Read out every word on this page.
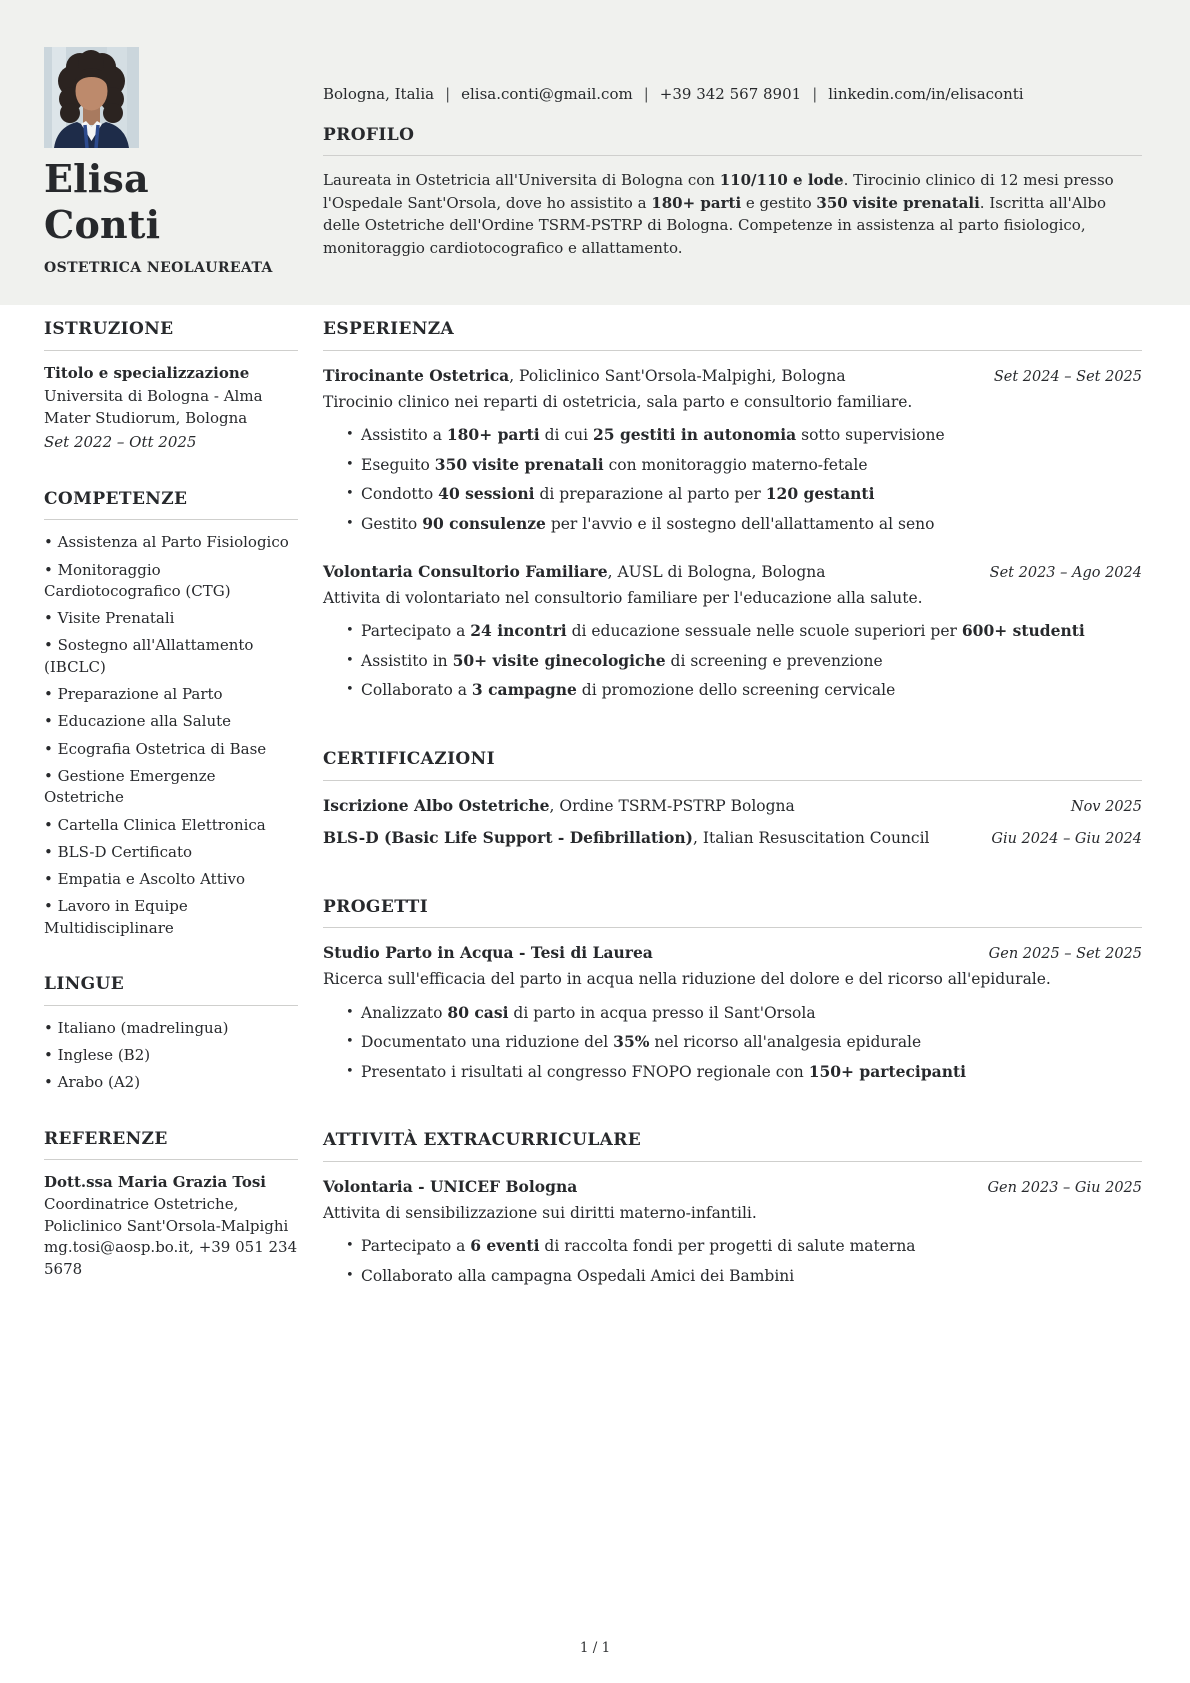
Elisa
Conti
OSTETRICA NEOLAUREATA
Bologna, Italia | elisa.conti@gmail.com | +39 342 567 8901 | linkedin.com/in/elisaconti
PROFILO

Laureata in Ostetricia all'Universita di Bologna con 110/110 e lode. Tirocinio clinico di 12 mesi presso l'Ospedale Sant'Orsola, dove ho assistito a 180+ parti e gestito 350 visite prenatali. Iscritta all'Albo delle Ostetriche dell'Ordine TSRM-PSTRP di Bologna. Competenze in assistenza al parto fisiologico, monitoraggio cardiotocografico e allattamento.

ISTRUZIONE
Titolo e specializzazione
Universita di Bologna - Alma Mater Studiorum, Bologna
Set 2022 – Ott 2025
COMPETENZE
• Assistenza al Parto Fisiologico
• Monitoraggio Cardiotocografico (CTG)
• Visite Prenatali
• Sostegno all'Allattamento (IBCLC)
• Preparazione al Parto
• Educazione alla Salute
• Ecografia Ostetrica di Base
• Gestione Emergenze Ostetriche
• Cartella Clinica Elettronica
• BLS-D Certificato
• Empatia e Ascolto Attivo
• Lavoro in Equipe Multidisciplinare
LINGUE
• Italiano (madrelingua)
• Inglese (B2)
• Arabo (A2)
REFERENZE
Dott.ssa Maria Grazia Tosi
Coordinatrice Ostetriche, Policlinico Sant'Orsola-Malpighi
mg.tosi@aosp.bo.it, +39 051 234 5678
ESPERIENZA
Tirocinante Ostetrica, Policlinico Sant'Orsola-Malpighi, Bologna	Set 2024 – Set 2025

Tirocinio clinico nei reparti di ostetricia, sala parto e consultorio familiare.

• Assistito a 180+ parti di cui 25 gestiti in autonomia sotto supervisione
• Eseguito 350 visite prenatali con monitoraggio materno-fetale
• Condotto 40 sessioni di preparazione al parto per 120 gestanti
• Gestito 90 consulenze per l'avvio e il sostegno dell'allattamento al seno
Volontaria Consultorio Familiare, AUSL di Bologna, Bologna	Set 2023 – Ago 2024

Attivita di volontariato nel consultorio familiare per l'educazione alla salute.

• Partecipato a 24 incontri di educazione sessuale nelle scuole superiori per 600+ studenti
• Assistito in 50+ visite ginecologiche di screening e prevenzione
• Collaborato a 3 campagne di promozione dello screening cervicale
CERTIFICAZIONI
Iscrizione Albo Ostetriche, Ordine TSRM-PSTRP Bologna	Nov 2025
BLS-D (Basic Life Support - Defibrillation), Italian Resuscitation Council	Giu 2024 – Giu 2024
PROGETTI
Studio Parto in Acqua - Tesi di Laurea	Gen 2025 – Set 2025

Ricerca sull'efficacia del parto in acqua nella riduzione del dolore e del ricorso all'epidurale.

• Analizzato 80 casi di parto in acqua presso il Sant'Orsola
• Documentato una riduzione del 35% nel ricorso all'analgesia epidurale
• Presentato i risultati al congresso FNOPO regionale con 150+ partecipanti
ATTIVITÀ EXTRACURRICULARE
Volontaria - UNICEF Bologna	Gen 2023 – Giu 2025

Attivita di sensibilizzazione sui diritti materno-infantili.

• Partecipato a 6 eventi di raccolta fondi per progetti di salute materna
• Collaborato alla campagna Ospedali Amici dei Bambini
1 / 1
